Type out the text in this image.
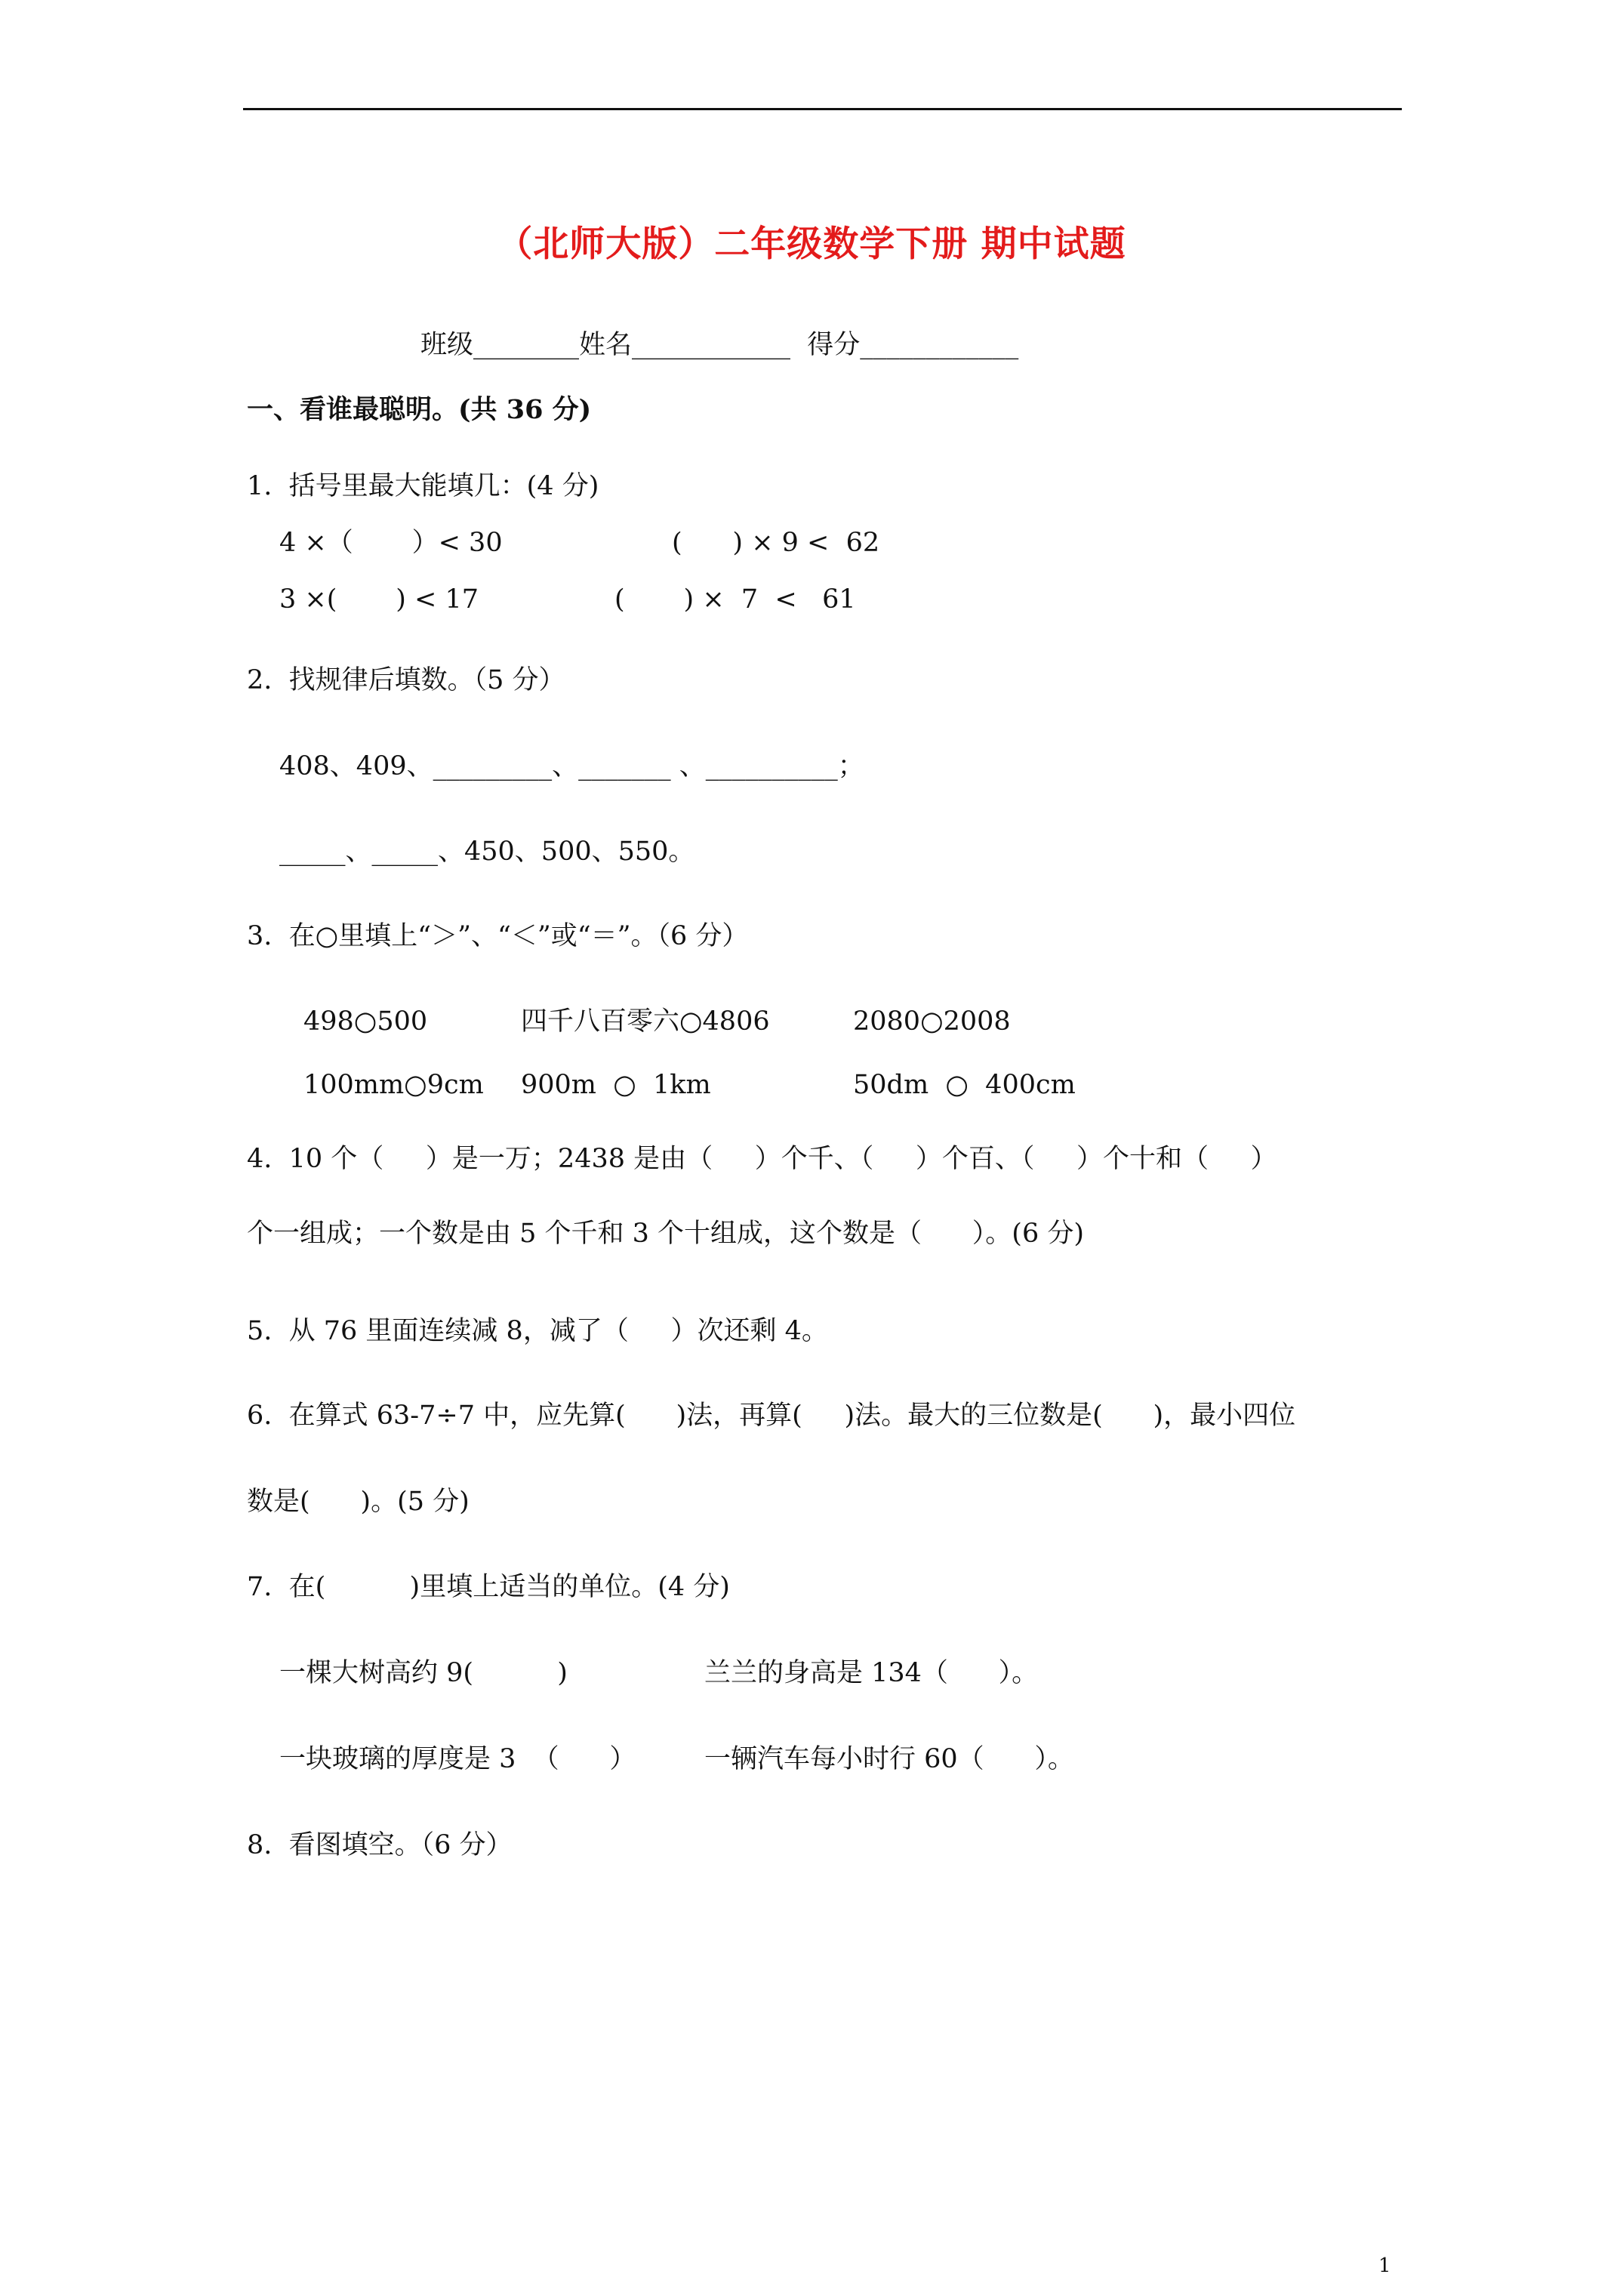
（北师大版）二年级数学下册 期中试题
班级________姓名____________  得分____________
一、看谁最聪明。(共 36 分)
1.  括号里最大能填几：(4 分)
4 ×（       ）< 30	(      ) × 9 <  62
3 ×(       ) < 17	(       ) ×  7  <   61
2.  找规律后填数。（5 分）
408、409、_________、_______ 、__________；
_____、_____、450、500、550。
3.  在○里填上“＞”、“＜”或“＝”。（6 分）
498○500	四千八百零六○4806	2080○2008
100mm○9cm 900m  ○  1km	50dm  ○  400cm
4.  10 个（     ）是一万；2438 是由（     ）个千、（     ）个百、（     ）个十和（     ）
个一组成；一个数是由 5 个千和 3 个十组成，这个数是（      ）。(6 分)
5.  从 76 里面连续减 8，减了（     ）次还剩 4。
6.  在算式 63-7÷7 中，应先算(      )法，再算(     )法。最大的三位数是(      )，最小四位
数是(      )。(5 分)
7.  在(          )里填上适当的单位。(4 分)
一棵大树高约 9(          )	兰兰的身高是 134（      ）。
一块玻璃的厚度是 3  （      ）	一辆汽车每小时行 60（      ）。
8.  看图填空。（6 分）
1
